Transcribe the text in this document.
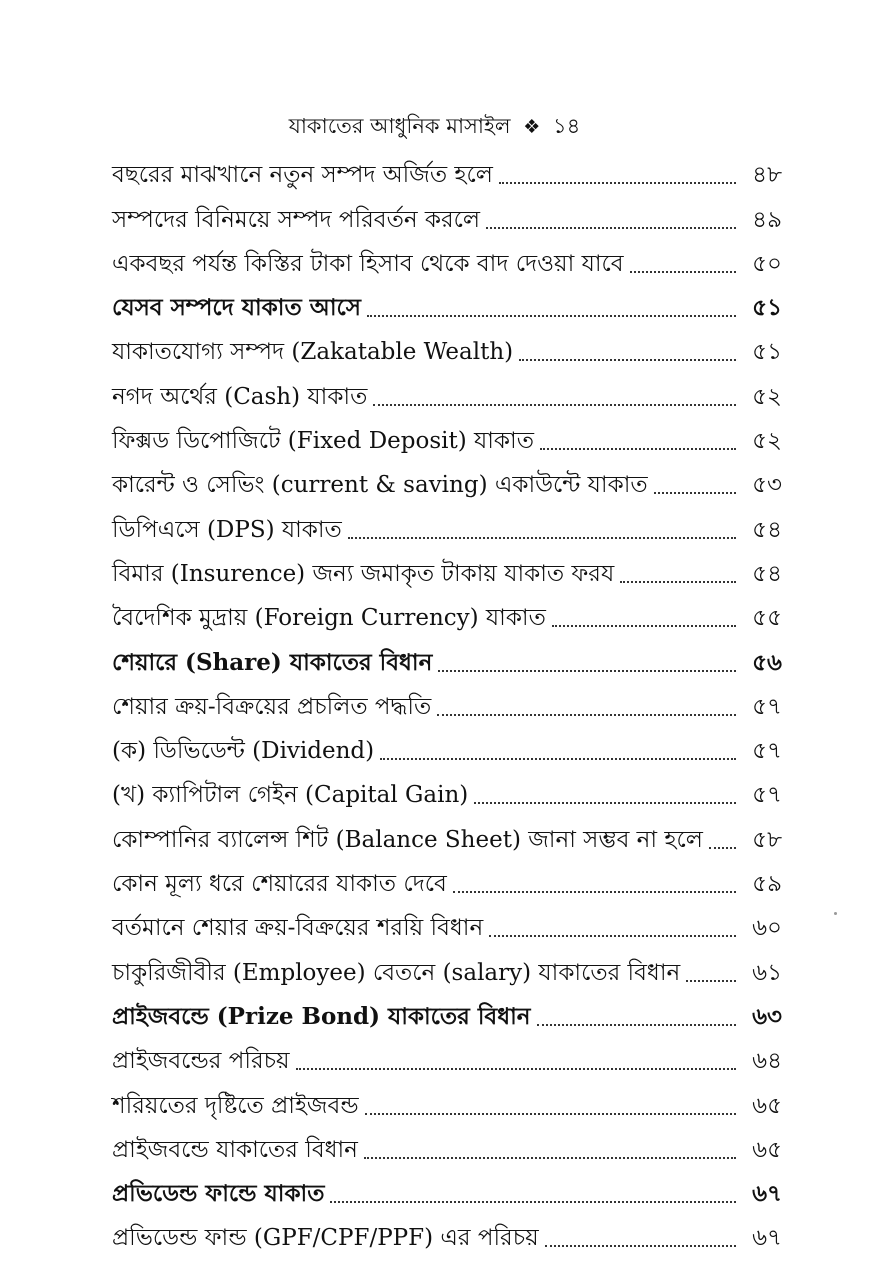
যাকাতের আধুনিক মাসাইল ❖ ১৪
বছরের মাঝখানে নতুন সম্পদ অর্জিত হলে	৪৮
সম্পদের বিনিময়ে সম্পদ পরিবর্তন করলে	৪৯
একবছর পর্যন্ত কিস্তির টাকা হিসাব থেকে বাদ দেওয়া যাবে	৫০
যেসব সম্পদে যাকাত আসে	৫১
যাকাতযোগ্য সম্পদ (Zakatable Wealth)	৫১
নগদ অর্থের (Cash) যাকাত	৫২
ফিক্সড ডিপোজিটে (Fixed Deposit) যাকাত	৫২
কারেন্ট ও সেভিং (current & saving) একাউন্টে যাকাত	৫৩
ডিপিএসে (DPS) যাকাত	৫৪
বিমার (Insurence) জন্য জমাকৃত টাকায় যাকাত ফরয	৫৪
বৈদেশিক মুদ্রায় (Foreign Currency) যাকাত	৫৫
শেয়ারে (Share) যাকাতের বিধান	৫৬
শেয়ার ক্রয়-বিক্রয়ের প্রচলিত পদ্ধতি	৫৭
(ক) ডিভিডেন্ট (Dividend)	৫৭
(খ) ক্যাপিটাল গেইন (Capital Gain)	৫৭
কোম্পানির ব্যালেন্স শিট (Balance Sheet) জানা সম্ভব না হলে	৫৮
কোন মূল্য ধরে শেয়ারের যাকাত দেবে	৫৯
বর্তমানে শেয়ার ক্রয়-বিক্রয়ের শরয়ি বিধান	৬০
চাকুরিজীবীর (Employee) বেতনে (salary) যাকাতের বিধান	৬১
প্রাইজবন্ডে (Prize Bond) যাকাতের বিধান	৬৩
প্রাইজবন্ডের পরিচয়	৬৪
শরিয়তের দৃষ্টিতে প্রাইজবন্ড	৬৫
প্রাইজবন্ডে যাকাতের বিধান	৬৫
প্রভিডেন্ড ফান্ডে যাকাত	৬৭
প্রভিডেন্ড ফান্ড (GPF/CPF/PPF) এর পরিচয়	৬৭
